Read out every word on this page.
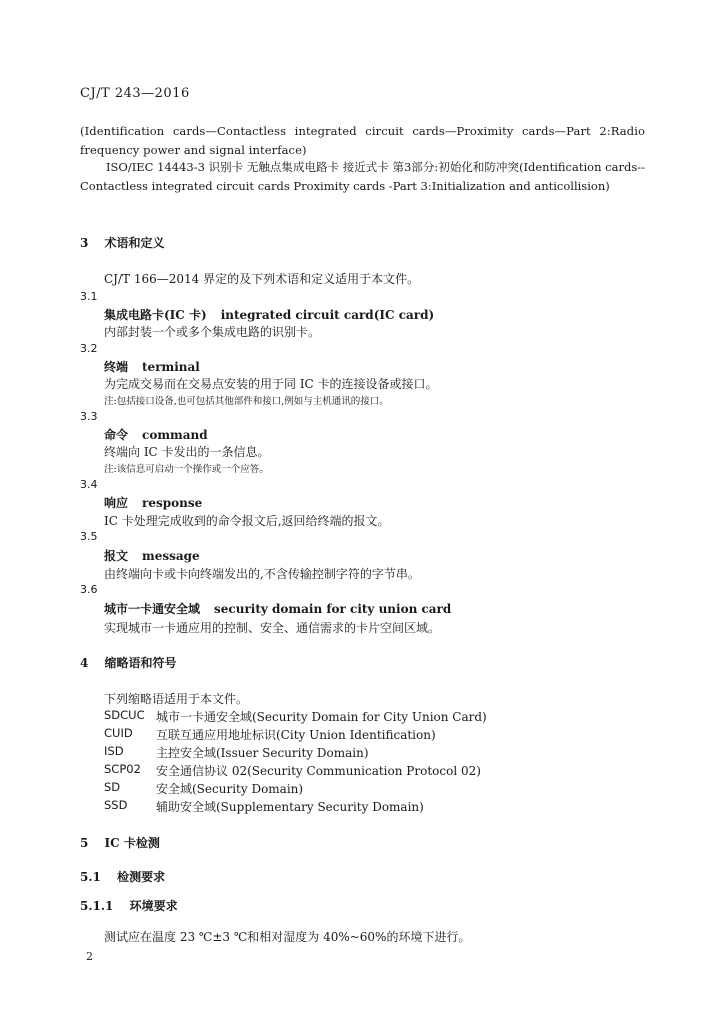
CJ/T 243—2016
(Identification cards—Contactless integrated circuit cards—Proximity cards—Part 2:Radio frequency power and signal interface)
ISO/IEC 14443-3 识别卡 无触点集成电路卡 接近式卡 第3部分:初始化和防冲突(Identification cards--Contactless integrated circuit cards Proximity cards -Part 3:Initialization and anticollision)
3 术语和定义
CJ/T 166—2014 界定的及下列术语和定义适用于本文件。
3.1
集成电路卡(IC 卡) integrated circuit card(IC card)
内部封装一个或多个集成电路的识别卡。
3.2
终端 terminal
为完成交易而在交易点安装的用于同 IC 卡的连接设备或接口。
注:包括接口设备,也可包括其他部件和接口,例如与主机通讯的接口。
3.3
命令 command
终端向 IC 卡发出的一条信息。
注:该信息可启动一个操作或一个应答。
3.4
响应 response
IC 卡处理完成收到的命令报文后,返回给终端的报文。
3.5
报文 message
由终端向卡或卡向终端发出的,不含传输控制字符的字节串。
3.6
城市一卡通安全域 security domain for city union card
实现城市一卡通应用的控制、安全、通信需求的卡片空间区域。
4 缩略语和符号
下列缩略语适用于本文件。
SDCUC 城市一卡通安全域(Security Domain for City Union Card)
CUID	互联互通应用地址标识(City Union Identification)
ISD	主控安全域(Issuer Security Domain)
SCP02	安全通信协议 02(Security Communication Protocol 02)
SD	安全域(Security Domain)
SSD	辅助安全域(Supplementary Security Domain)
5 IC 卡检测
5.1 检测要求
5.1.1 环境要求
测试应在温度 23 ℃±3 ℃和相对湿度为 40%~60%的环境下进行。
2
